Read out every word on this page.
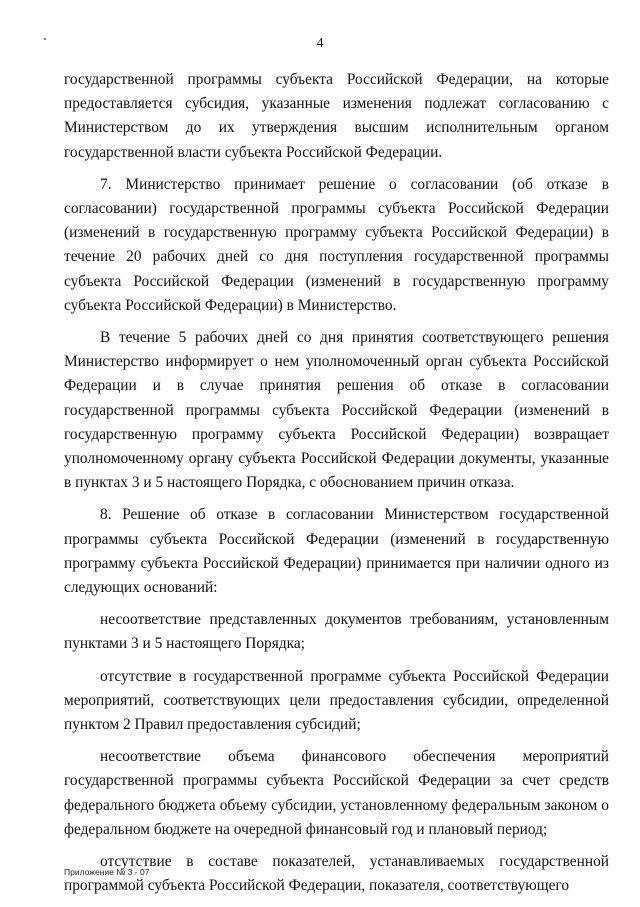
4

государственной программы субъекта Российской Федерации, на которые предоставляется субсидия, указанные изменения подлежат согласованию с Министерством до их утверждения высшим исполнительным органом государственной власти субъекта Российской Федерации.

7. Министерство принимает решение о согласовании (об отказе в согласовании) государственной программы субъекта Российской Федерации (изменений в государственную программу субъекта Российской Федерации) в течение 20 рабочих дней со дня поступления государственной программы субъекта Российской Федерации (изменений в государственную программу субъекта Российской Федерации) в Министерство.

В течение 5 рабочих дней со дня принятия соответствующего решения Министерство информирует о нем уполномоченный орган субъекта Российской Федерации и в случае принятия решения об отказе в согласовании государственной программы субъекта Российской Федерации (изменений в государственную программу субъекта Российской Федерации) возвращает уполномоченному органу субъекта Российской Федерации документы, указанные в пунктах 3 и 5 настоящего Порядка, с обоснованием причин отказа.

8. Решение об отказе в согласовании Министерством государственной программы субъекта Российской Федерации (изменений в государственную программу субъекта Российской Федерации) принимается при наличии одного из следующих оснований:

несоответствие представленных документов требованиям, установленным пунктами 3 и 5 настоящего Порядка;

отсутствие в государственной программе субъекта Российской Федерации мероприятий, соответствующих цели предоставления субсидии, определенной пунктом 2 Правил предоставления субсидий;

несоответствие объема финансового обеспечения мероприятий государственной программы субъекта Российской Федерации за счет средств федерального бюджета объему субсидии, установленному федеральным законом о федеральном бюджете на очередной финансовый год и плановый период;

отсутствие в составе показателей, устанавливаемых государственной программой субъекта Российской Федерации, показателя, соответствующего

Приложение № 3 - 07
